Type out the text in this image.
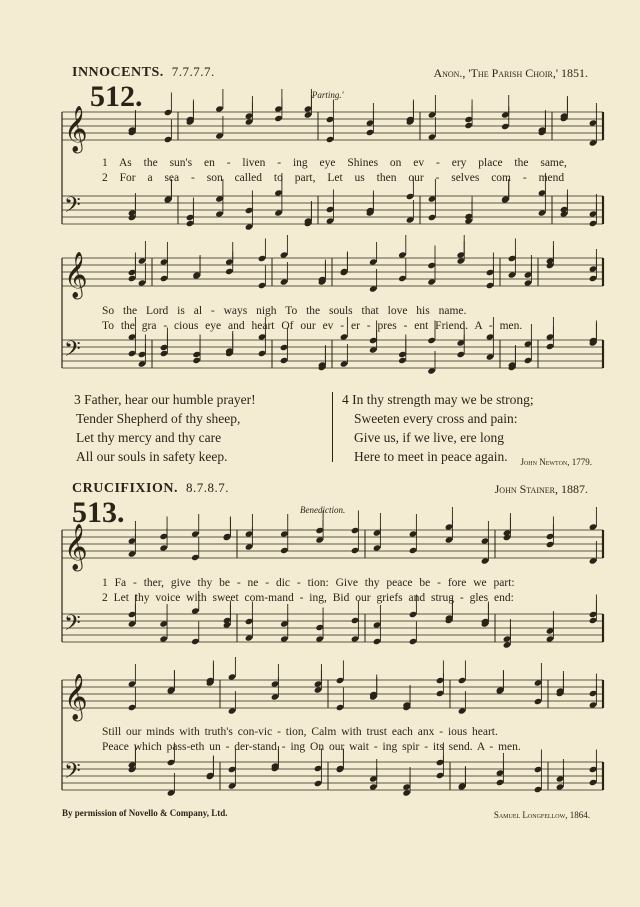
INNOCENTS. 7.7.7.7.	Anon., 'The Parish Choir,' 1851.
512.	'Parting.'
𝄞
𝄢
1 As the sun's en - liven - ing eye Shines on ev - ery place the same,
2 For a sea - son called to part, Let us then our - selves com - mend
𝄞
𝄢
So the Lord is al - ways nigh To the souls that love his name.
To the gra - cious eye and heart Of our ev - er - pres - ent Friend. A - men.
3 Father, hear our humble prayer!
Tender Shepherd of thy sheep,
Let thy mercy and thy care
All our souls in safety keep.
4 In thy strength may we be strong;
Sweeten every cross and pain:
Give us, if we live, ere long
Here to meet in peace again.	John Newton, 1779.
CRUCIFIXION. 8.7.8.7.	John Stainer, 1887.
513.	Benediction.
𝄞
𝄢
1 Fa - ther, give thy be - ne - dic - tion: Give thy peace be - fore we part:
2 Let thy voice with sweet com-mand - ing, Bid our griefs and strug - gles end:
𝄞
𝄢
Still our minds with truth's con-vic - tion, Calm with trust each anx - ious heart.
Peace which pass-eth un - der-stand - ing On our wait - ing spir - its send. A - men.
By permission of Novello & Company, Ltd.	Samuel Longfellow, 1864.
